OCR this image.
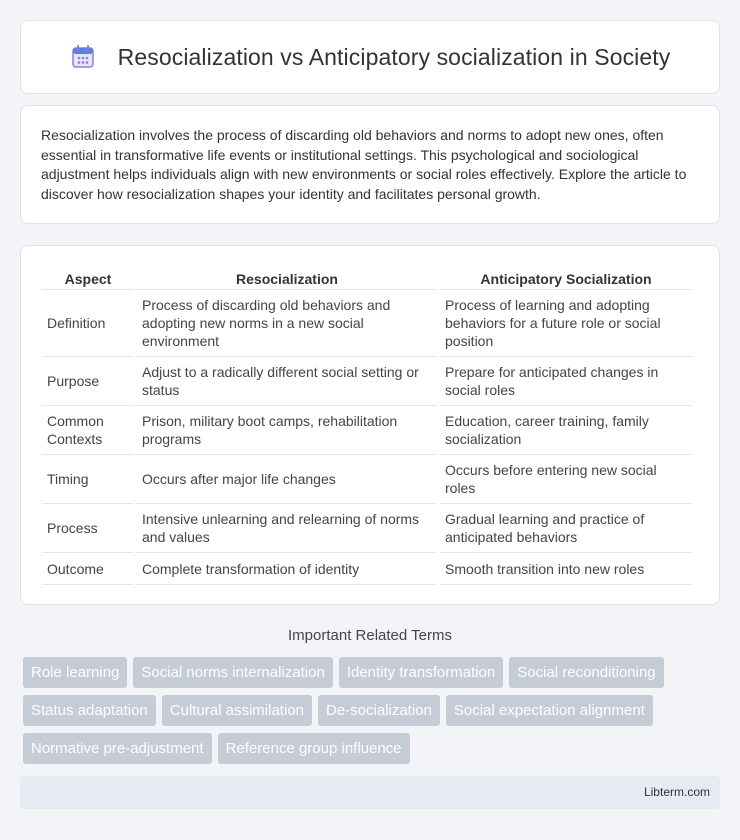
Resocialization vs Anticipatory socialization in Society

Resocialization involves the process of discarding old behaviors and norms to adopt new ones, often essential in transformative life events or institutional settings. This psychological and sociological adjustment helps individuals align with new environments or social roles effectively. Explore the article to discover how resocialization shapes your identity and facilitates personal growth.

Aspect	Resocialization	Anticipatory Socialization
Definition	Process of discarding old behaviors and adopting new norms in a new social environment	Process of learning and adopting behaviors for a future role or social position
Purpose	Adjust to a radically different social setting or status	Prepare for anticipated changes in social roles
Common Contexts	Prison, military boot camps, rehabilitation programs	Education, career training, family socialization
Timing	Occurs after major life changes	Occurs before entering new social roles
Process	Intensive unlearning and relearning of norms and values	Gradual learning and practice of anticipated behaviors
Outcome	Complete transformation of identity	Smooth transition into new roles
Important Related Terms
Role learning	Social norms internalization	Identity transformation	Social reconditioning
Status adaptation	Cultural assimilation	De-socialization	Social expectation alignment
Normative pre-adjustment	Reference group influence
Libterm.com
